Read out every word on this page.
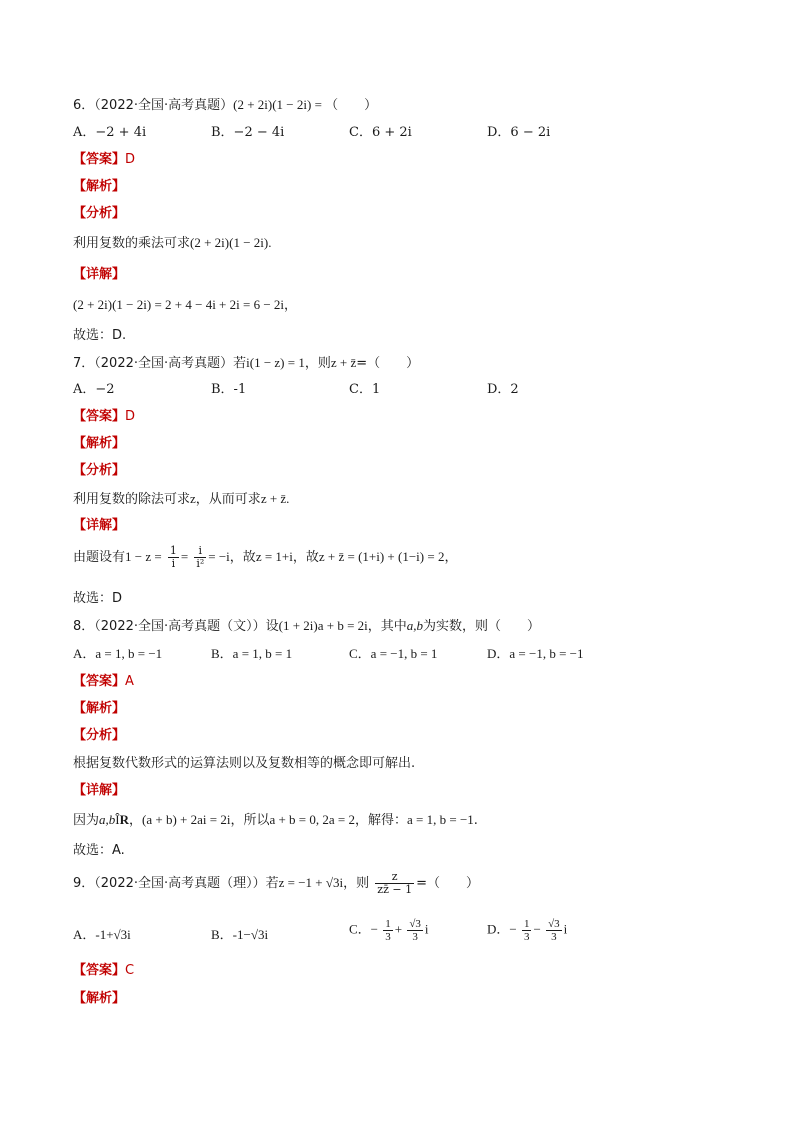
6．（2022·全国·高考真题）(2 + 2i)(1 − 2i) = （　　）
A．−2 + 4i	B．−2 − 4i	C．6 + 2i	D．6 − 2i
【答案】D
【解析】
【分析】
利用复数的乘法可求(2 + 2i)(1 − 2i).
【详解】
(2 + 2i)(1 − 2i) = 2 + 4 − 4i + 2i = 6 − 2i，
故选：D.
7．（2022·全国·高考真题）若i(1 − z) = 1，则z + z̄=（　　）
A．−2	B．-1	C．1	D．2
【答案】D
【解析】
【分析】
利用复数的除法可求z，从而可求z + z̄.
【详解】
由题设有$1 - z = \frac{1}{i} = \frac{i}{\text{i²}} = -i$，故z = 1+i，故z + z̄ = (1+i) + (1−i) = 2，
故选：D
8．（2022·全国·高考真题（文））设(1 + 2i)a + b = 2i，其中a,b为实数，则（　　）
A．a = 1, b = −1	B．a = 1, b = 1	C．a = −1, b = 1	D．a = −1, b = −1
【答案】A
【解析】
【分析】
根据复数代数形式的运算法则以及复数相等的概念即可解出.
【详解】
因为a,bÎR，(a + b) + 2ai = 2i，所以a + b = 0, 2a = 2，解得：a = 1, b = −1.
故选：A.
9．（2022·全国·高考真题（理））若z = −1 + √3i，则 $\frac{z}{zz̄ - 1}$ =（　　）
A．-1+√3i	B．-1−√3i	C．− $\frac{1}{3} + \frac{√3}{3}$ i	D．− $\frac{1}{3} - \frac{√3}{3}$ i
【答案】C
【解析】
